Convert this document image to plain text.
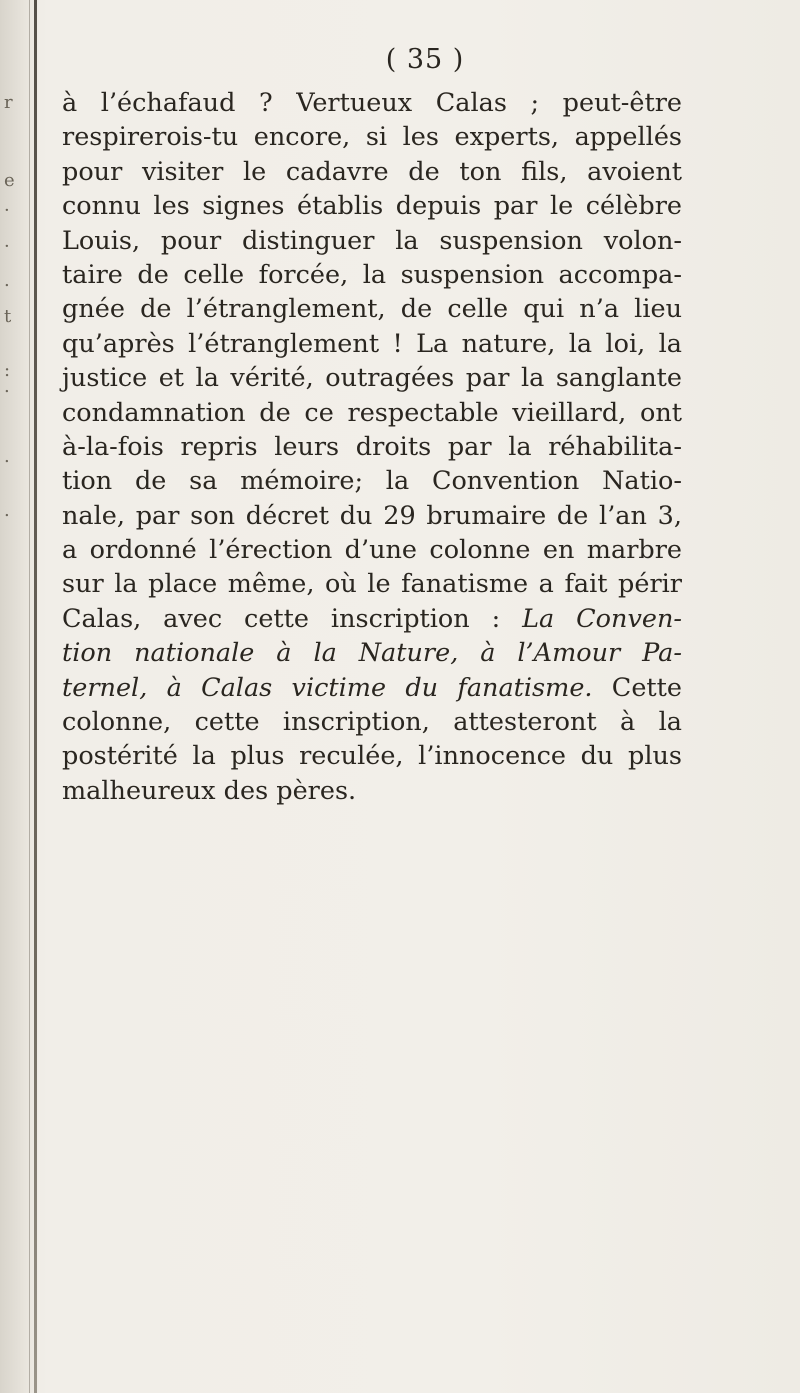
r
e
·
·
.
t
:
.
.
.
( 35 )
à l’échafaud ? Vertueux Calas ; peut-être
respirerois-tu encore, si les experts, appellés
pour visiter le cadavre de ton fils, avoient
connu les signes établis depuis par le célèbre
Louis, pour distinguer la suspension volon-
taire de celle forcée, la suspension accompa-
gnée de l’étranglement, de celle qui n’a lieu
qu’après l’étranglement ! La nature, la loi, la
justice et la vérité, outragées par la sanglante
condamnation de ce respectable vieillard, ont
à-la-fois repris leurs droits par la réhabilita-
tion de sa mémoire; la Convention Natio-
nale, par son décret du 29 brumaire de l’an 3,
a ordonné l’érection d’une colonne en marbre
sur la place même, où le fanatisme a fait périr
Calas, avec cette inscription : La Conven-
tion nationale à la Nature, à l’Amour Pa-
ternel, à Calas victime du fanatisme. Cette
colonne, cette inscription, attesteront à la
postérité la plus reculée, l’innocence du plus
malheureux des pères.
